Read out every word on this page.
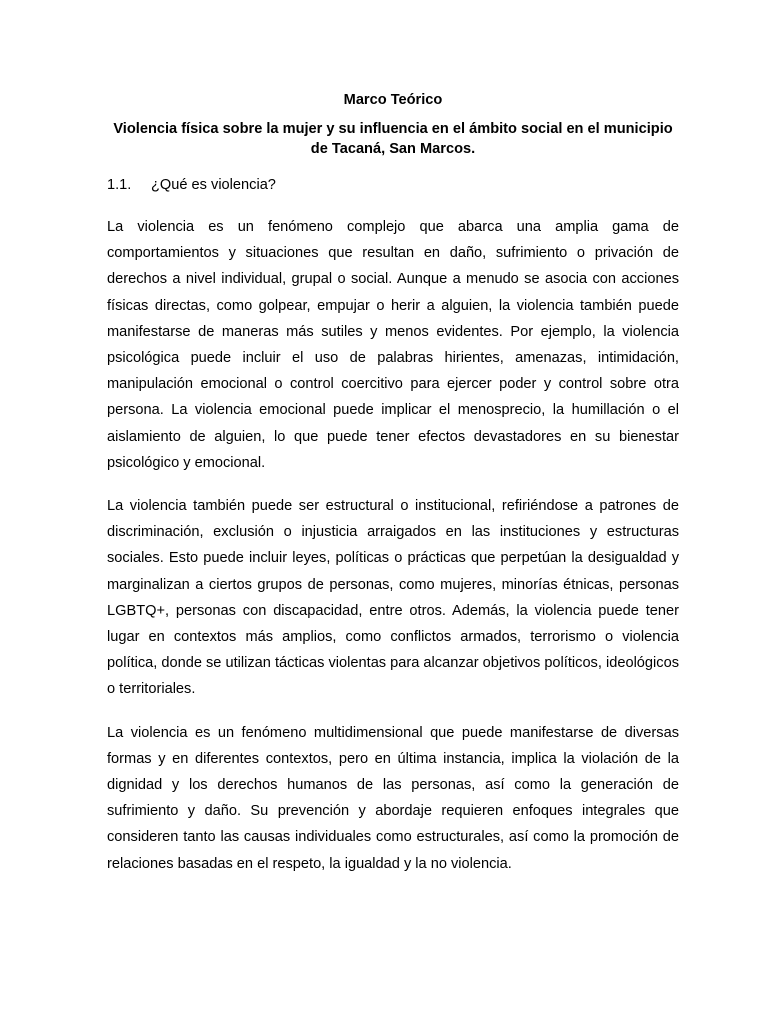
Marco Teórico
Violencia física sobre la mujer y su influencia en el ámbito social en el municipio de Tacaná, San Marcos.
1.1.	¿Qué es violencia?

La violencia es un fenómeno complejo que abarca una amplia gama de comportamientos y situaciones que resultan en daño, sufrimiento o privación de derechos a nivel individual, grupal o social. Aunque a menudo se asocia con acciones físicas directas, como golpear, empujar o herir a alguien, la violencia también puede manifestarse de maneras más sutiles y menos evidentes. Por ejemplo, la violencia psicológica puede incluir el uso de palabras hirientes, amenazas, intimidación, manipulación emocional o control coercitivo para ejercer poder y control sobre otra persona. La violencia emocional puede implicar el menosprecio, la humillación o el aislamiento de alguien, lo que puede tener efectos devastadores en su bienestar psicológico y emocional.

La violencia también puede ser estructural o institucional, refiriéndose a patrones de discriminación, exclusión o injusticia arraigados en las instituciones y estructuras sociales. Esto puede incluir leyes, políticas o prácticas que perpetúan la desigualdad y marginalizan a ciertos grupos de personas, como mujeres, minorías étnicas, personas LGBTQ+, personas con discapacidad, entre otros. Además, la violencia puede tener lugar en contextos más amplios, como conflictos armados, terrorismo o violencia política, donde se utilizan tácticas violentas para alcanzar objetivos políticos, ideológicos o territoriales.

La violencia es un fenómeno multidimensional que puede manifestarse de diversas formas y en diferentes contextos, pero en última instancia, implica la violación de la dignidad y los derechos humanos de las personas, así como la generación de sufrimiento y daño. Su prevención y abordaje requieren enfoques integrales que consideren tanto las causas individuales como estructurales, así como la promoción de relaciones basadas en el respeto, la igualdad y la no violencia.
